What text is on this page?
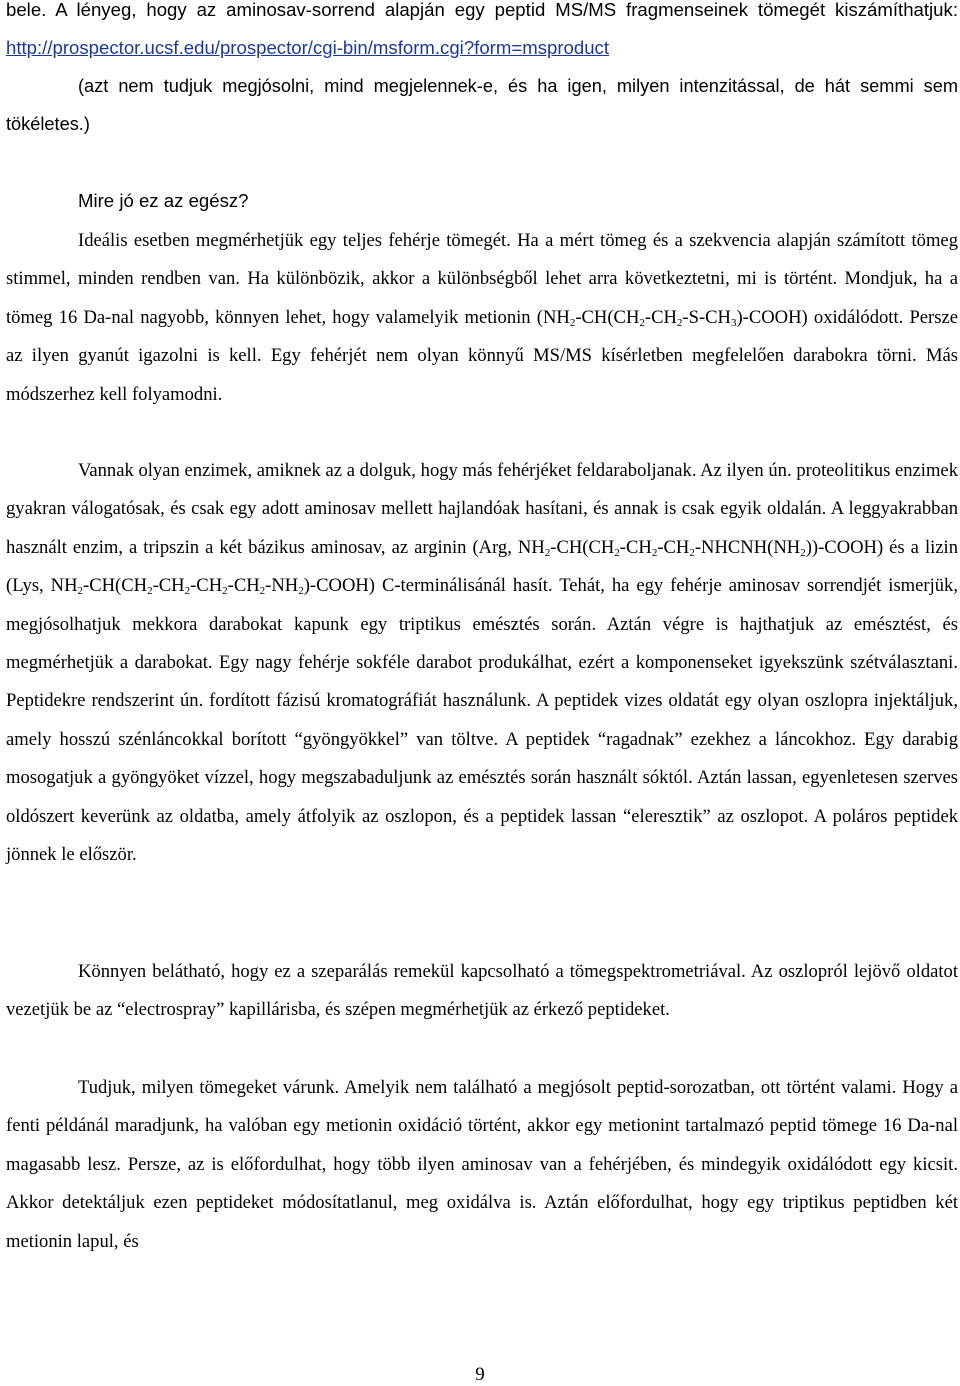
bele. A lényeg, hogy az aminosav-sorrend alapján egy peptid MS/MS fragmenseinek tömegét kiszámíthatjuk: http://prospector.ucsf.edu/prospector/cgi-bin/msform.cgi?form=msproduct

(azt nem tudjuk megjósolni, mind megjelennek-e, és ha igen, milyen intenzitással, de hát semmi sem tökéletes.)

Mire jó ez az egész?

Ideális esetben megmérhetjük egy teljes fehérje tömegét. Ha a mért tömeg és a szekvencia alapján számított tömeg stimmel, minden rendben van. Ha különbözik, akkor a különbségből lehet arra következtetni, mi is történt. Mondjuk, ha a tömeg 16 Da-nal nagyobb, könnyen lehet, hogy valamelyik metionin $(NH_2-CH(CH_2-CH_2-S-CH_3)-COOH)$ oxidálódott. Persze az ilyen gyanút igazolni is kell. Egy fehérjét nem olyan könnyű MS/MS kísérletben megfelelően darabokra törni. Más módszerhez kell folyamodni.

Vannak olyan enzimek, amiknek az a dolguk, hogy más fehérjéket feldaraboljanak. Az ilyen ún. proteolitikus enzimek gyakran válogatósak, és csak egy adott aminosav mellett hajlandóak hasítani, és annak is csak egyik oldalán. A leggyakrabban használt enzim, a tripszin a két bázikus aminosav, az arginin (Arg, $NH_2-CH(CH_2-CH_2-CH_2-NHCNH(NH_2))-COOH$) és a lizin (Lys, $NH_2-CH(CH_2-CH_2-CH_2-CH_2-NH_2)-COOH$) C-terminálisánál hasít. Tehát, ha egy fehérje aminosav sorrendjét ismerjük, megjósolhatjuk mekkora darabokat kapunk egy triptikus emésztés során. Aztán végre is hajthatjuk az emésztést, és megmérhetjük a darabokat. Egy nagy fehérje sokféle darabot produkálhat, ezért a komponenseket igyekszünk szétválasztani. Peptidekre rendszerint ún. fordított fázisú kromatográfiát használunk. A peptidek vizes oldatát egy olyan oszlopra injektáljuk, amely hosszú szénláncokkal borított “gyöngyökkel” van töltve. A peptidek “ragadnak” ezekhez a láncokhoz. Egy darabig mosogatjuk a gyöngyöket vízzel, hogy megszabaduljunk az emésztés során használt sóktól. Aztán lassan, egyenletesen szerves oldószert keverünk az oldatba, amely átfolyik az oszlopon, és a peptidek lassan “eleresztik” az oszlopot. A poláros peptidek jönnek le először.

Könnyen belátható, hogy ez a szeparálás remekül kapcsolható a tömegspektrometriával. Az oszlopról lejövő oldatot vezetjük be az “electrospray” kapillárisba, és szépen megmérhetjük az érkező peptideket.

Tudjuk, milyen tömegeket várunk. Amelyik nem található a megjósolt peptid-sorozatban, ott történt valami. Hogy a fenti példánál maradjunk, ha valóban egy metionin oxidáció történt, akkor egy metionint tartalmazó peptid tömege 16 Da-nal magasabb lesz. Persze, az is előfordulhat, hogy több ilyen aminosav van a fehérjében, és mindegyik oxidálódott egy kicsit. Akkor detektáljuk ezen peptideket módosítatlanul, meg oxidálva is. Aztán előfordulhat, hogy egy triptikus peptidben két metionin lapul, és

9
